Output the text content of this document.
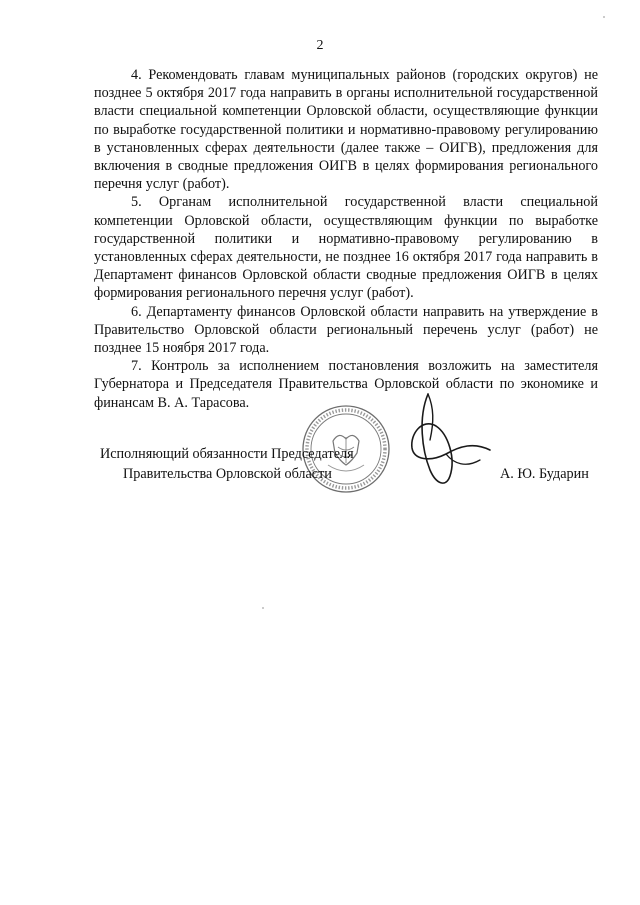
2

4. Рекомендовать главам муниципальных районов (городских округов) не позднее 5 октября 2017 года направить в органы исполнительной государственной власти специальной компетенции Орловской области, осуществляющие функции по выработке государственной политики и нормативно-правовому регулированию в установленных сферах деятельности (далее также – ОИГВ), предложения для включения в сводные предложения ОИГВ в целях формирования регионального перечня услуг (работ).

5. Органам исполнительной государственной власти специальной компетенции Орловской области, осуществляющим функции по выработке государственной политики и нормативно-правовому регулированию в установленных сферах деятельности, не позднее 16 октября 2017 года направить в Департамент финансов Орловской области сводные предложения ОИГВ в целях формирования регионального перечня услуг (работ).

6. Департаменту финансов Орловской области направить на утверждение в Правительство Орловской области региональный перечень услуг (работ) не позднее 15 ноября 2017 года.

7. Контроль за исполнением постановления возложить на заместителя Губернатора и Председателя Правительства Орловской области по экономике и финансам В. А. Тарасова.

Исполняющий обязанности Председателя
Правительства Орловской области	А. Ю. Бударин
